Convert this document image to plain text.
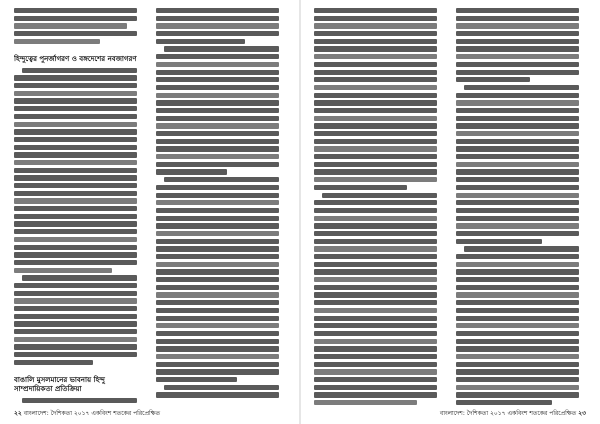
হিন্দুত্বের পুনর্জাগরণ ও বঙ্গদেশের নবজাগরণ
বাঙালি মুসলমানের ভাবনায় হিন্দু সাম্প্রদায়িকতা প্রতিক্রিয়া
২২ বাংলাদেশ: দৈশিকতা ২০১৭ একবিংশ শতকের পরিপ্রেক্ষিত	বাংলাদেশ: দৈশিকতা ২০১৭ একবিংশ শতকের পরিপ্রেক্ষিত ২৩
